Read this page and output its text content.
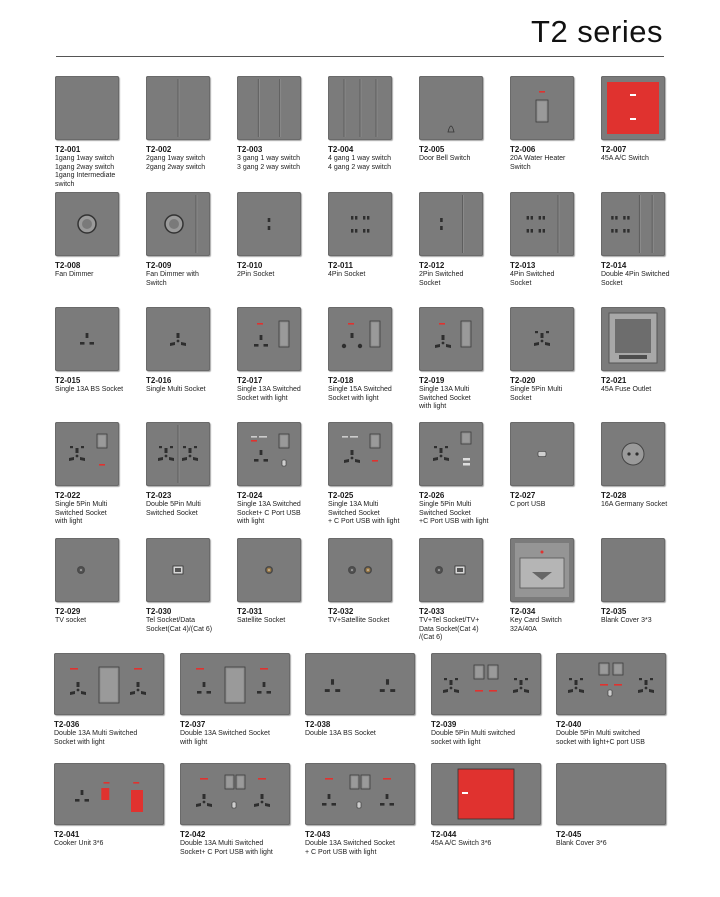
T2 series
T2-001
1gang 1way switch
1gang 2way switch
1gang Intermediate
switch
T2-002
2gang 1way switch
2gang 2way switch
T2-003
3 gang 1 way switch
3 gang 2 way switch
T2-004
4 gang 1 way switch
4 gang 2 way switch
T2-005
Door Bell Switch
T2-006
20A Water Heater
Switch
T2-007
45A A/C Switch
T2-008
Fan Dimmer
T2-009
Fan Dimmer with
Switch
T2-010
2Pin Socket
T2-011
4Pin Socket
T2-012
2Pin Switched
Socket
T2-013
4Pin Switched
Socket
T2-014
Double 4Pin Switched
Socket
T2-015
Single 13A BS Socket
T2-016
Single Multi Socket
T2-017
Single 13A Switched
Socket with light
T2-018
Single 15A Switched
Socket with light
T2-019
Single 13A Multi
Switched Socket
with light
T2-020
Single 5Pin Multi
Socket
T2-021
45A Fuse Outlet
T2-022
Single 5Pin Multi
Switched Socket
with light
T2-023
Double 5Pin Multi
Switched Socket
T2-024
Single 13A Switched
Socket+ C Port USB
with light
T2-025
Single 13A Multi
Switched Socket
+ C Port USB with light
T2-026
Single 5Pin Multi
Switched Socket
+C Port USB with light
T2-027
C port USB
T2-028
16A Germany Socket
T2-029
TV socket
T2-030
Tel Socket/Data
Socket(Cat 4)/(Cat 6)
T2-031
Satellite Socket
T2-032
TV+Satellite Socket
T2-033
TV+Tel Socket/TV+
Data Socket(Cat 4)
/(Cat 6)
T2-034
Key Card Switch
32A/40A
T2-035
Blank Cover 3*3
T2-036
Double 13A Multi Switched
Socket with light
T2-037
Double 13A Switched Socket
with light
T2-038
Double 13A BS Socket
T2-039
Double 5Pin Multi switched
socket with light
T2-040
Double 5Pin Multi switched
socket with light+C port USB
T2-041
Cooker Unit 3*6
T2-042
Double 13A Multi Switched
Socket+ C Port USB with light
T2-043
Double 13A Switched Socket
+ C Port USB with light
T2-044
45A A/C Switch 3*6
T2-045
Blank Cover 3*6
